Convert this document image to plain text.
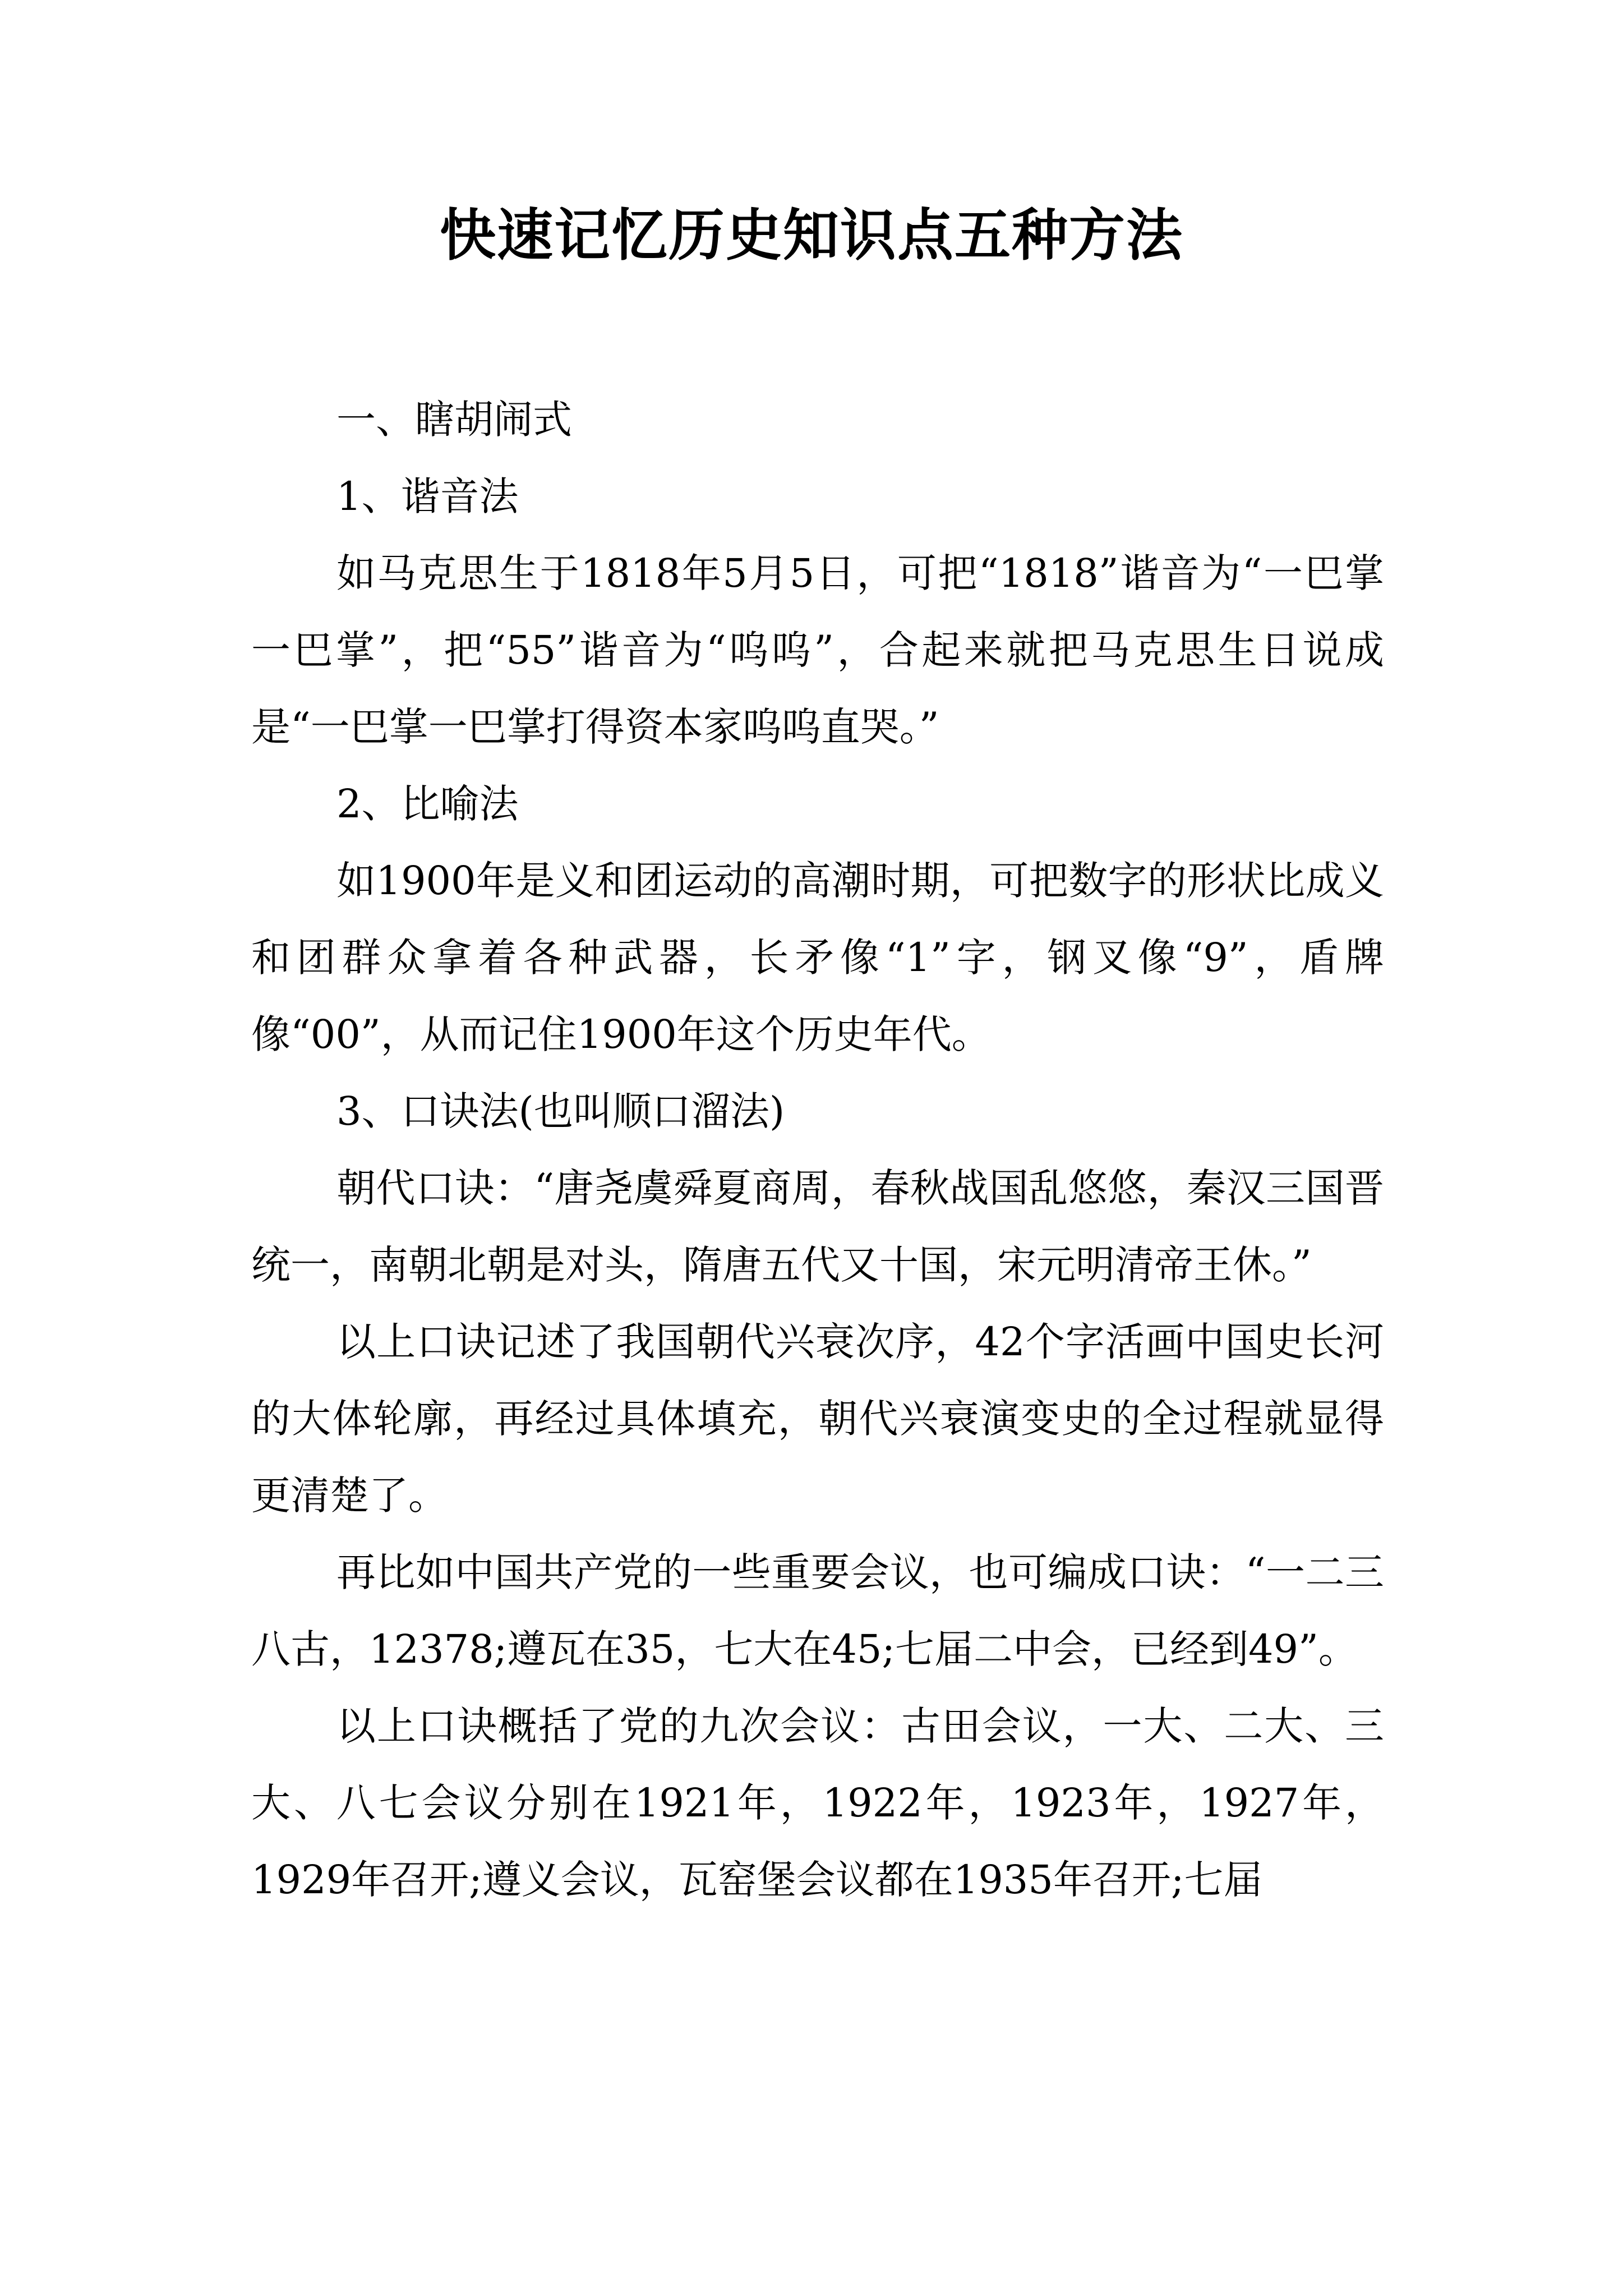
快速记忆历史知识点五种方法

一、瞎胡闹式

1、谐音法

如马克思生于1818年5月5日，可把“1818”谐音为“一巴掌一巴掌”，把“55”谐音为“呜呜”，合起来就把马克思生日说成是“一巴掌一巴掌打得资本家呜呜直哭。”

2、比喻法

如1900年是义和团运动的高潮时期，可把数字的形状比成义和团群众拿着各种武器，长矛像“1”字，钢叉像“9”，盾牌像“00”，从而记住1900年这个历史年代。

3、口诀法(也叫顺口溜法)

朝代口诀：“唐尧虞舜夏商周，春秋战国乱悠悠，秦汉三国晋统一，南朝北朝是对头，隋唐五代又十国，宋元明清帝王休。”

以上口诀记述了我国朝代兴衰次序，42个字活画中国史长河的大体轮廓，再经过具体填充，朝代兴衰演变史的全过程就显得更清楚了。

再比如中国共产党的一些重要会议，也可编成口诀：“一二三八古，12378;遵瓦在35，七大在45;七届二中会，已经到49”。

以上口诀概括了党的九次会议：古田会议，一大、二大、三大、八七会议分别在1921年，1922年，1923年，1927年，1929年召开;遵义会议，瓦窑堡会议都在1935年召开;七届
